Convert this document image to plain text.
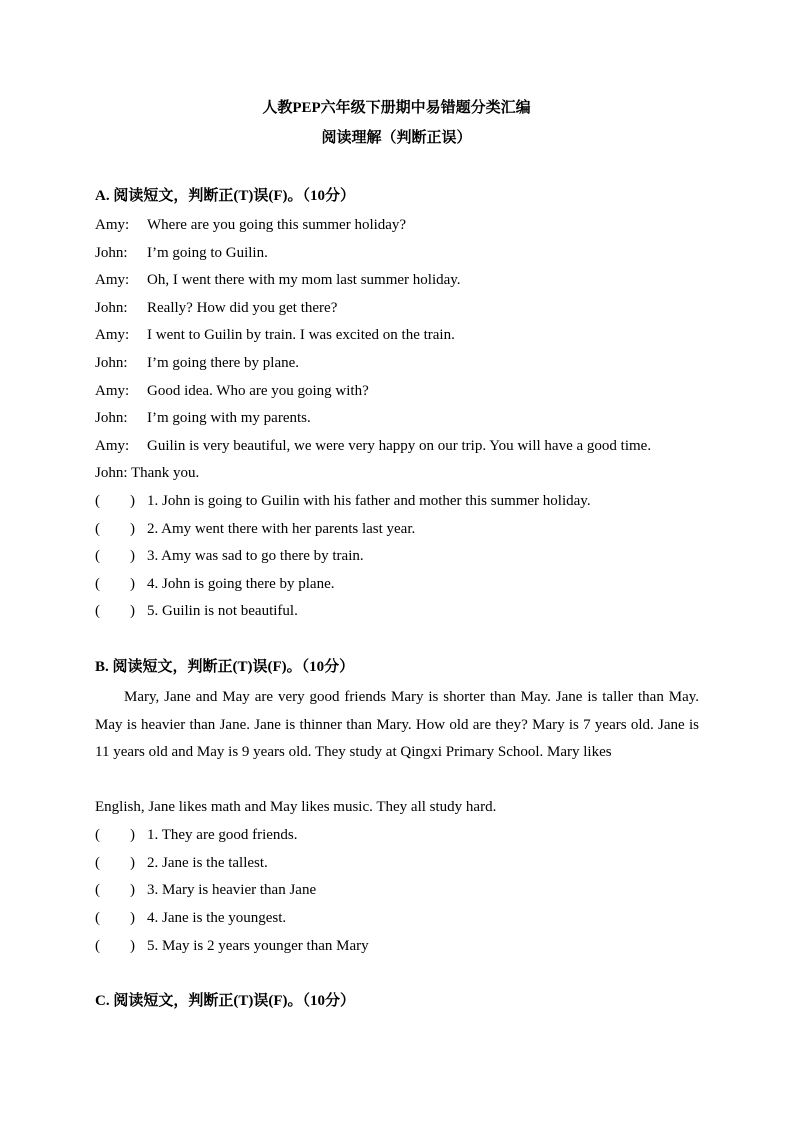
人教PEP六年级下册期中易错题分类汇编
阅读理解（判断正误）
A. 阅读短文，判断正(T)误(F)。（10分）
Amy: Where are you going this summer holiday?
John: I’m going to Guilin.
Amy: Oh, I went there with my mom last summer holiday.
John: Really? How did you get there?
Amy: I went to Guilin by train. I was excited on the train.
John: I’m going there by plane.
Amy: Good idea. Who are you going with?
John: I’m going with my parents.
Amy: Guilin is very beautiful, we were very happy on our trip. You will have a good time.
John: Thank you.
(        ) 1. John is going to Guilin with his father and mother this summer holiday.
(        ) 2. Amy went there with her parents last year.
(        ) 3. Amy was sad to go there by train.
(        ) 4. John is going there by plane.
(        ) 5. Guilin is not beautiful.
B. 阅读短文，判断正(T)误(F)。（10分）
Mary, Jane and May are very good friends Mary is shorter than May. Jane is taller than May. May is heavier than Jane. Jane is thinner than Mary. How old are they? Mary is 7 years old. Jane is 11 years old and May is 9 years old. They study at Qingxi Primary School. Mary likes
English, Jane likes math and May likes music. They all study hard.
(        ) 1. They are good friends.
(        ) 2. Jane is the tallest.
(        ) 3. Mary is heavier than Jane
(        ) 4. Jane is the youngest.
(        ) 5. May is 2 years younger than Mary
C. 阅读短文，判断正(T)误(F)。（10分）
